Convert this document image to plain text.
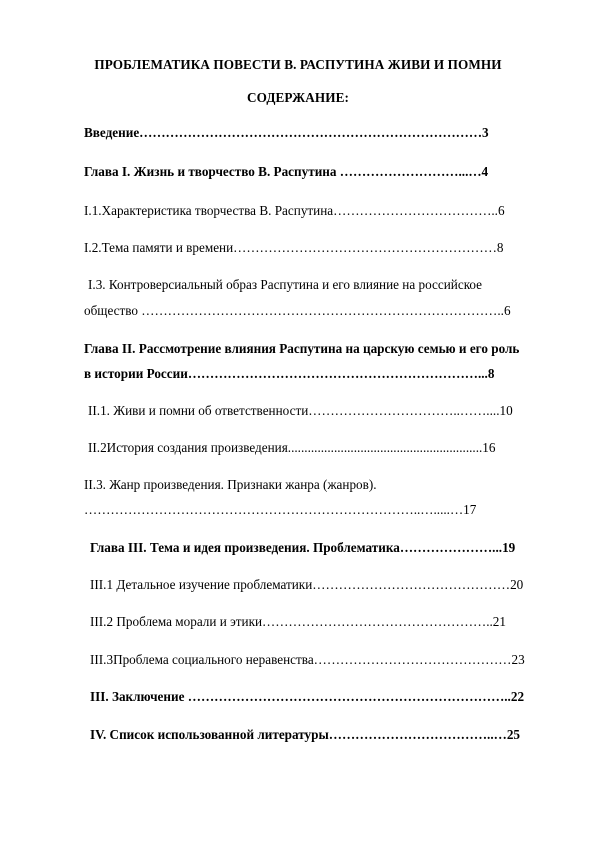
ПРОБЛЕМАТИКА ПОВЕСТИ В. РАСПУТИНА ЖИВИ И ПОМНИ
СОДЕРЖАНИЕ:
Введение……………………………………………………………………3
Глава I. Жизнь и творчество В. Распутина ………………………...…4
I.1.Характеристика творчества В. Распутина………………………………..6
I.2.Тема памяти и времени……………………………………………………8
I.3. Контроверсиальный образ Распутина и его влияние на российское
общество ………………………………………………………………………..6
Глава II. Рассмотрение влияния Распутина на царскую семью и его роль
в истории России…………………………………………………………...8
II.1. Живи и помни об ответственности……………………………..……....10
II.2История создания произведения...........................................................16
II.3. Жанр произведения. Признаки жанра (жанров).
…………………………………………………………………..….....…17
Глава III. Тема и идея произведения. Проблематика…………………...19
III.1 Детальное изучение проблематики………………………………………20
III.2 Проблема морали и этики……………………………………………..21
III.3Проблема социального неравенства………………………………………23
III. Заключение ………………………………………………………………..22
IV. Список использованной литературы………………………………..…25
